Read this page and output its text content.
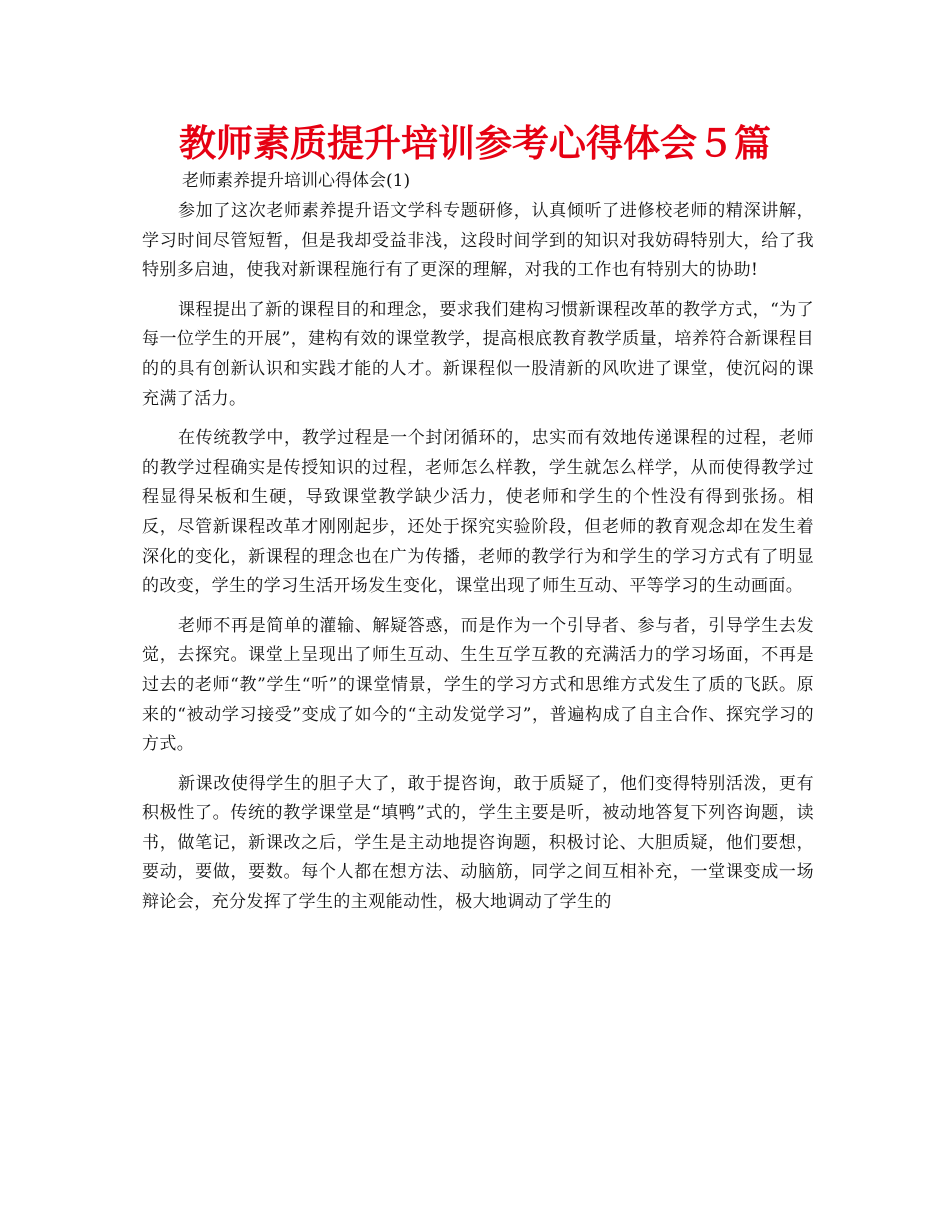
教师素质提升培训参考心得体会５篇

老师素养提升培训心得体会(1)

参加了这次老师素养提升语文学科专题研修，认真倾听了进修校老师的精深讲解，学习时间尽管短暂，但是我却受益非浅，这段时间学到的知识对我妨碍特别大，给了我特别多启迪，使我对新课程施行有了更深的理解，对我的工作也有特别大的协助!

课程提出了新的课程目的和理念，要求我们建构习惯新课程改革的教学方式，“为了每一位学生的开展”，建构有效的课堂教学，提高根底教育教学质量，培养符合新课程目的的具有创新认识和实践才能的人才。新课程似一股清新的风吹进了课堂，使沉闷的课充满了活力。

在传统教学中，教学过程是一个封闭循环的，忠实而有效地传递课程的过程，老师的教学过程确实是传授知识的过程，老师怎么样教，学生就怎么样学，从而使得教学过程显得呆板和生硬，导致课堂教学缺少活力，使老师和学生的个性没有得到张扬。相反，尽管新课程改革才刚刚起步，还处于探究实验阶段，但老师的教育观念却在发生着深化的变化，新课程的理念也在广为传播，老师的教学行为和学生的学习方式有了明显的改变，学生的学习生活开场发生变化，课堂出现了师生互动、平等学习的生动画面。

老师不再是简单的灌输、解疑答惑，而是作为一个引导者、参与者，引导学生去发觉，去探究。课堂上呈现出了师生互动、生生互学互教的充满活力的学习场面，不再是过去的老师“教”学生“听”的课堂情景，学生的学习方式和思维方式发生了质的飞跃。原来的“被动学习接受”变成了如今的“主动发觉学习”，普遍构成了自主合作、探究学习的方式。

新课改使得学生的胆子大了，敢于提咨询，敢于质疑了，他们变得特别活泼，更有积极性了。传统的教学课堂是“填鸭”式的，学生主要是听，被动地答复下列咨询题，读书，做笔记，新课改之后，学生是主动地提咨询题，积极讨论、大胆质疑，他们要想，要动，要做，要数。每个人都在想方法、动脑筋，同学之间互相补充，一堂课变成一场辩论会，充分发挥了学生的主观能动性，极大地调动了学生的
